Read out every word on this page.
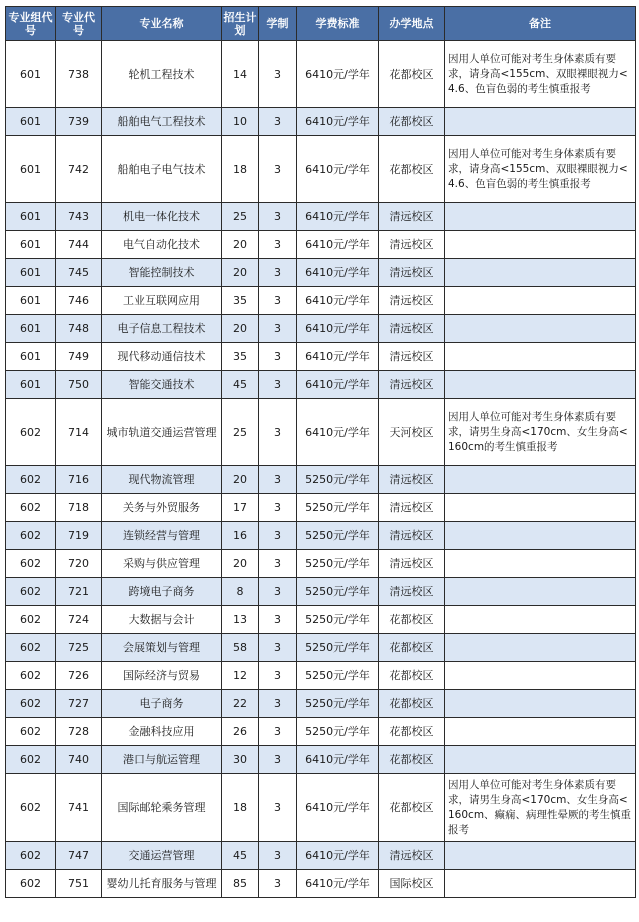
专业组代号	专业代号	专业名称	招生计划	学制	学费标准	办学地点	备注
601	738	轮机工程技术	14	3	6410元/学年	花都校区	因用人单位可能对考生身体素质有要求，请身高<155cm、双眼裸眼视力<4.6、色盲色弱的考生慎重报考
601	739	船舶电气工程技术	10	3	6410元/学年	花都校区	
601	742	船舶电子电气技术	18	3	6410元/学年	花都校区	因用人单位可能对考生身体素质有要求，请身高<155cm、双眼裸眼视力<4.6、色盲色弱的考生慎重报考
601	743	机电一体化技术	25	3	6410元/学年	清远校区	
601	744	电气自动化技术	20	3	6410元/学年	清远校区	
601	745	智能控制技术	20	3	6410元/学年	清远校区	
601	746	工业互联网应用	35	3	6410元/学年	清远校区	
601	748	电子信息工程技术	20	3	6410元/学年	清远校区	
601	749	现代移动通信技术	35	3	6410元/学年	清远校区	
601	750	智能交通技术	45	3	6410元/学年	清远校区	
602	714	城市轨道交通运营管理	25	3	6410元/学年	天河校区	因用人单位可能对考生身体素质有要求，请男生身高<170cm、女生身高<160cm的考生慎重报考
602	716	现代物流管理	20	3	5250元/学年	清远校区	
602	718	关务与外贸服务	17	3	5250元/学年	清远校区	
602	719	连锁经营与管理	16	3	5250元/学年	清远校区	
602	720	采购与供应管理	20	3	5250元/学年	清远校区	
602	721	跨境电子商务	8	3	5250元/学年	清远校区	
602	724	大数据与会计	13	3	5250元/学年	花都校区	
602	725	会展策划与管理	58	3	5250元/学年	花都校区	
602	726	国际经济与贸易	12	3	5250元/学年	花都校区	
602	727	电子商务	22	3	5250元/学年	花都校区	
602	728	金融科技应用	26	3	5250元/学年	花都校区	
602	740	港口与航运管理	30	3	6410元/学年	花都校区	
602	741	国际邮轮乘务管理	18	3	6410元/学年	花都校区	因用人单位可能对考生身体素质有要求，请男生身高<170cm、女生身高<160cm、癫痫、病理性晕厥的考生慎重报考
602	747	交通运营管理	45	3	6410元/学年	清远校区	
602	751	婴幼儿托育服务与管理	85	3	6410元/学年	国际校区	
